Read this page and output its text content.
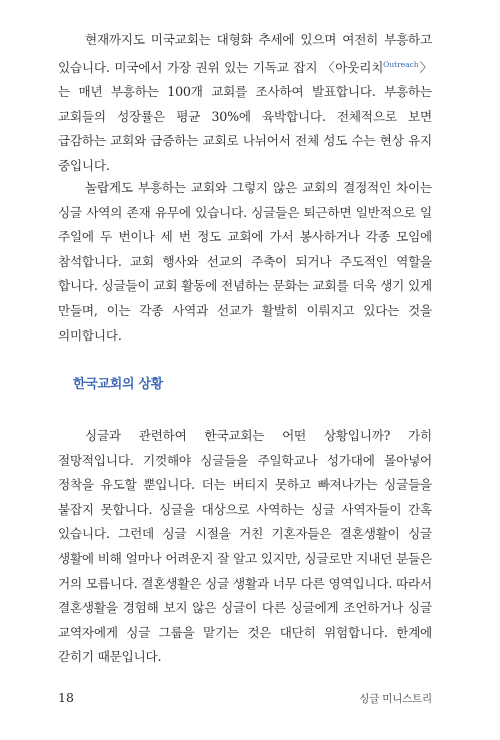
현재까지도 미국교회는 대형화 추세에 있으며 여전히 부흥하고 있습니다. 미국에서 가장 권위 있는 기독교 잡지 〈아웃리치$^{Outreach}$〉는 매년 부흥하는 100개 교회를 조사하여 발표합니다. 부흥하는 교회들의 성장률은 평균 30%에 육박합니다. 전체적으로 보면 급감하는 교회와 급증하는 교회로 나뉘어서 전체 성도 수는 현상 유지 중입니다.

놀랍게도 부흥하는 교회와 그렇지 않은 교회의 결정적인 차이는 싱글 사역의 존재 유무에 있습니다. 싱글들은 퇴근하면 일반적으로 일 주일에 두 번이나 세 번 정도 교회에 가서 봉사하거나 각종 모임에 참석합니다. 교회 행사와 선교의 주축이 되거나 주도적인 역할을 합니다. 싱글들이 교회 활동에 전념하는 문화는 교회를 더욱 생기 있게 만들며, 이는 각종 사역과 선교가 활발히 이뤄지고 있다는 것을 의미합니다.

한국교회의 상황

싱글과 관련하여 한국교회는 어떤 상황입니까? 가히 절망적입니다. 기껏해야 싱글들을 주일학교나 성가대에 몰아넣어 정착을 유도할 뿐입니다. 더는 버티지 못하고 빠져나가는 싱글들을 붙잡지 못합니다. 싱글을 대상으로 사역하는 싱글 사역자들이 간혹 있습니다. 그런데 싱글 시절을 거친 기혼자들은 결혼생활이 싱글 생활에 비해 얼마나 어려운지 잘 알고 있지만, 싱글로만 지내던 분들은 거의 모릅니다. 결혼생활은 싱글 생활과 너무 다른 영역입니다. 따라서 결혼생활을 경험해 보지 않은 싱글이 다른 싱글에게 조언하거나 싱글 교역자에게 싱글 그룹을 맡기는 것은 대단히 위험합니다. 한계에 갇히기 때문입니다.

18	싱글 미니스트리
